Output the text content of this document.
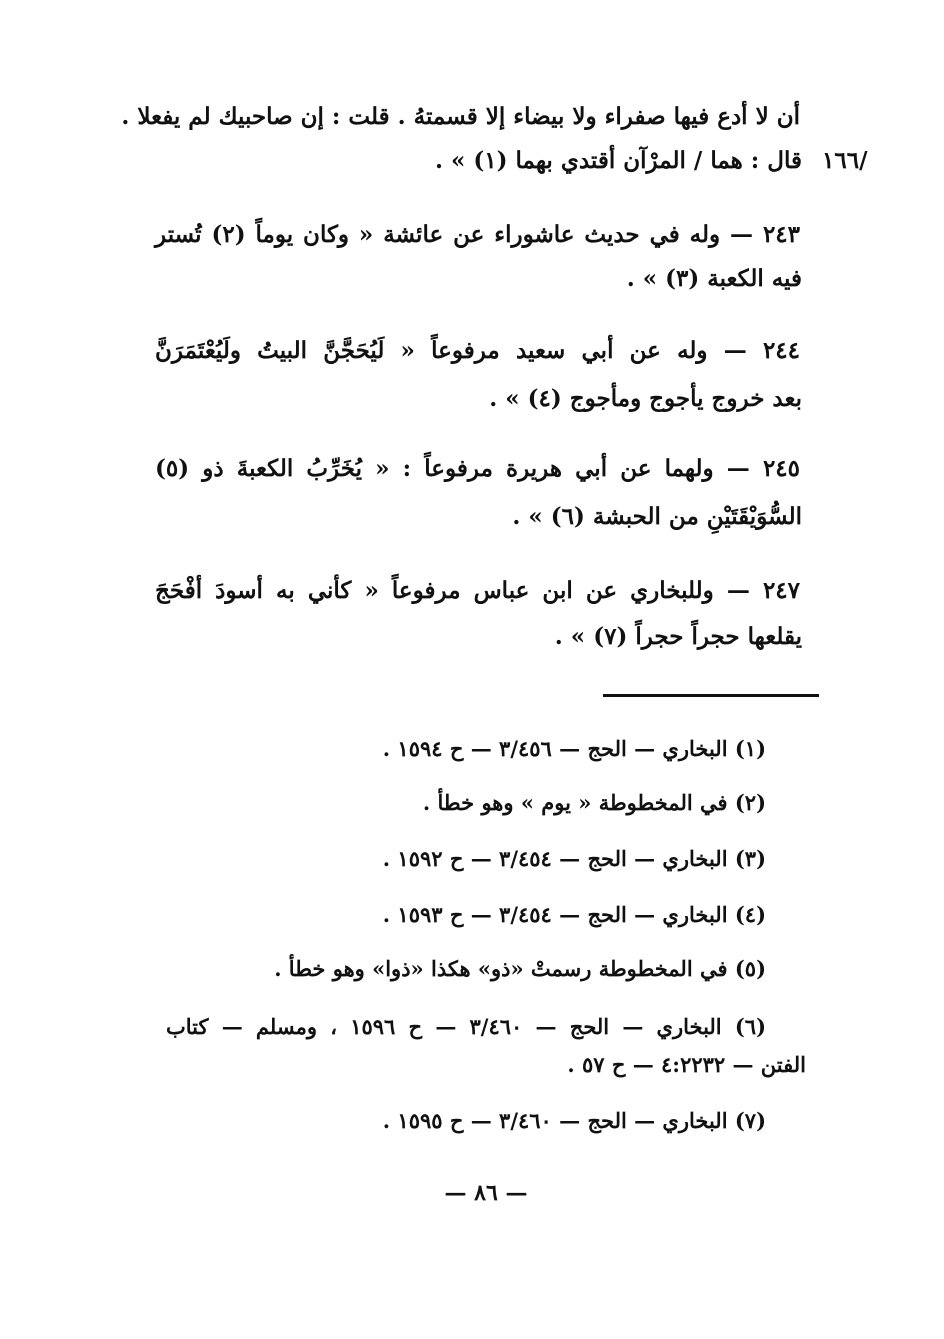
أن لا أدع فيها صفراء ولا بيضاء إلا قسمتهُ . قلت : إن صاحبيك لم يفعلا .
/١٦٦
قال : هما / المرْآن أقتدي بهما (١) » .
٢٤٣ — وله في حديث عاشوراء عن عائشة « وكان يوماً (٢) تُستر
فيه الكعبة (٣) » .
٢٤٤ — وله عن أبي سعيد مرفوعاً « لَيُحَجَّنَّ البيتُ ولَيُعْتَمَرَنَّ
بعد خروج يأجوج ومأجوج (٤) » .
٢٤٥ — ولهما عن أبي هريرة مرفوعاً : « يُخَرِّبُ الكعبةَ ذو (٥)
السُّوَيْقَتَيْنِ من الحبشة (٦) » .
٢٤٧ — وللبخاري عن ابن عباس مرفوعاً « كأني به أسودَ أفْحَجَ
يقلعها حجراً حجراً (٧) » .
(١) البخاري — الحج — ٣/٤٥٦ — ح ١٥٩٤ .
(٢) في المخطوطة « يوم » وهو خطأ .
(٣) البخاري — الحج — ٣/٤٥٤ — ح ١٥٩٢ .
(٤) البخاري — الحج — ٣/٤٥٤ — ح ١٥٩٣ .
(٥) في المخطوطة رسمتْ «ذو» هكذا «ذوا» وهو خطأ .
(٦) البخاري — الحج — ٣/٤٦٠ — ح ١٥٩٦ ، ومسلم — كتاب
الفتن — ٤:٢٢٣٢ — ح ٥٧ .
(٧) البخاري — الحج — ٣/٤٦٠ — ح ١٥٩٥ .
— ٨٦ —
